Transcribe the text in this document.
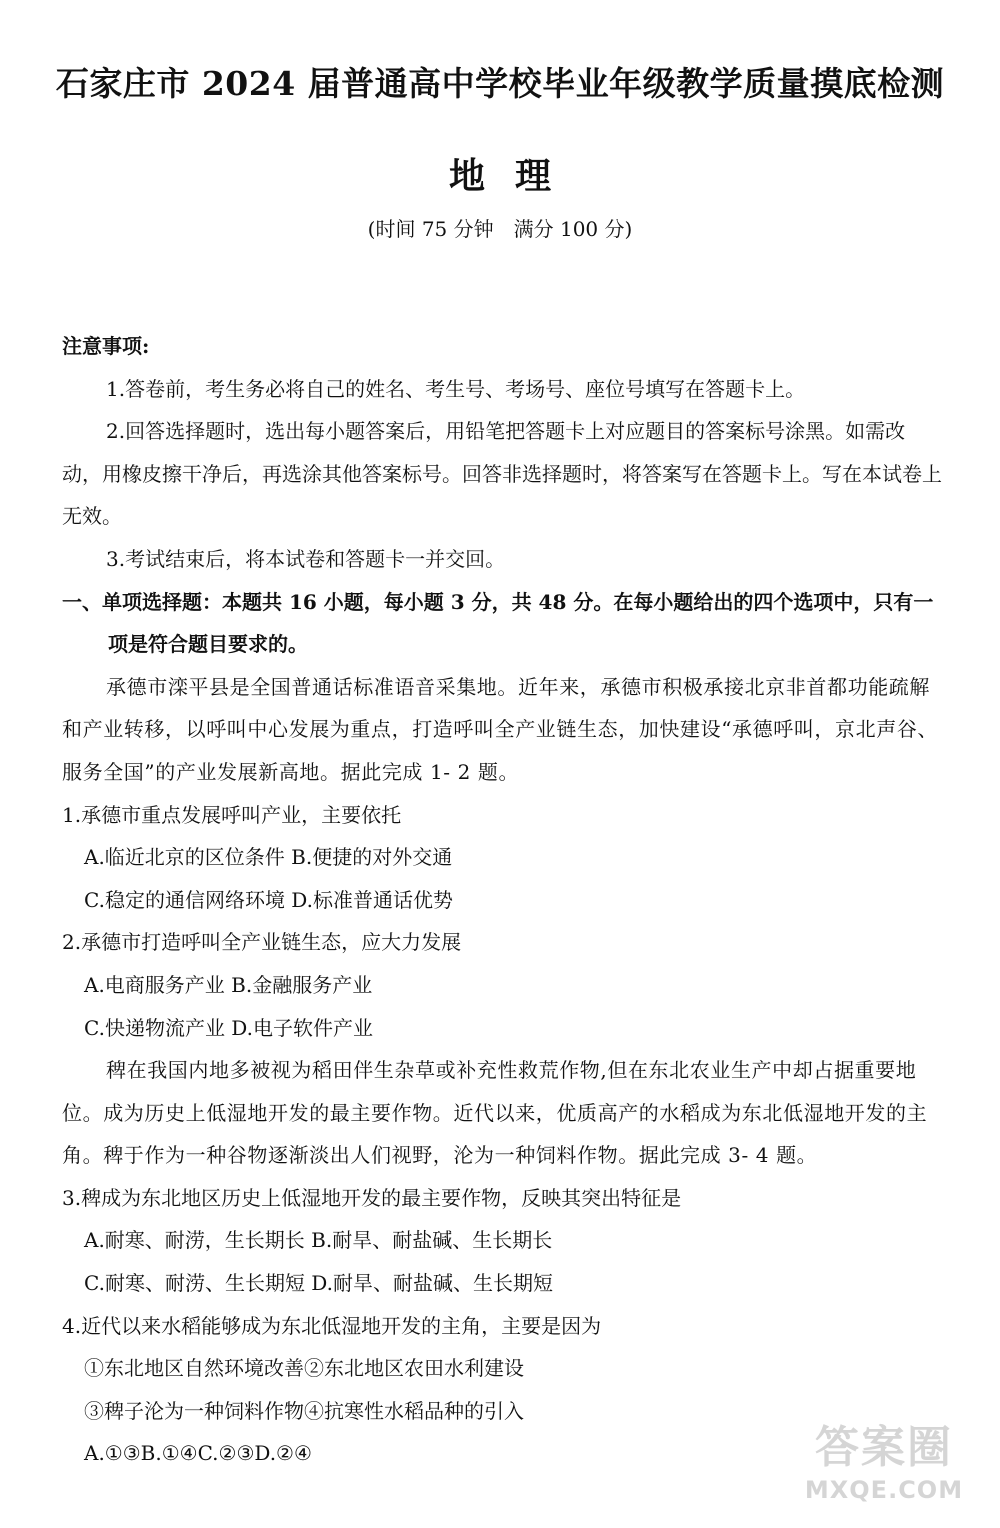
石家庄市 2024 届普通高中学校毕业年级教学质量摸底检测
地理
(时间 75 分钟　满分 100 分)

注意事项:

1.答卷前，考生务必将自己的姓名、考生号、考场号、座位号填写在答题卡上。

2.回答选择题时，选出每小题答案后，用铅笔把答题卡上对应题目的答案标号涂黑。如需改动，用橡皮擦干净后，再选涂其他答案标号。回答非选择题时，将答案写在答题卡上。写在本试卷上无效。

3.考试结束后，将本试卷和答题卡一并交回。

一、单项选择题：本题共 16 小题，每小题 3 分，共 48 分。在每小题给出的四个选项中，只有一项是符合题目要求的。

承德市滦平县是全国普通话标准语音采集地。近年来，承德市积极承接北京非首都功能疏解和产业转移，以呼叫中心发展为重点，打造呼叫全产业链生态，加快建设“承德呼叫，京北声谷、服务全国”的产业发展新高地。据此完成 1- 2 题。

1.承德市重点发展呼叫产业，主要依托

A.临近北京的区位条件 B.便捷的对外交通

C.稳定的通信网络环境 D.标准普通话优势

2.承德市打造呼叫全产业链生态，应大力发展

A.电商服务产业 B.金融服务产业

C.快递物流产业 D.电子软件产业

稗在我国内地多被视为稻田伴生杂草或补充性救荒作物,但在东北农业生产中却占据重要地位。成为历史上低湿地开发的最主要作物。近代以来，优质高产的水稻成为东北低湿地开发的主角。稗于作为一种谷物逐渐淡出人们视野，沦为一种饲料作物。据此完成 3- 4 题。

3.稗成为东北地区历史上低湿地开发的最主要作物，反映其突出特征是

A.耐寒、耐涝，生长期长 B.耐旱、耐盐碱、生长期长

C.耐寒、耐涝、生长期短 D.耐旱、耐盐碱、生长期短

4.近代以来水稻能够成为东北低湿地开发的主角，主要是因为

①东北地区自然环境改善②东北地区农田水利建设

③稗子沦为一种饲料作物④抗寒性水稻品种的引入

A.①③B.①④C.②③D.②④	答案圈
MXQE.COM
